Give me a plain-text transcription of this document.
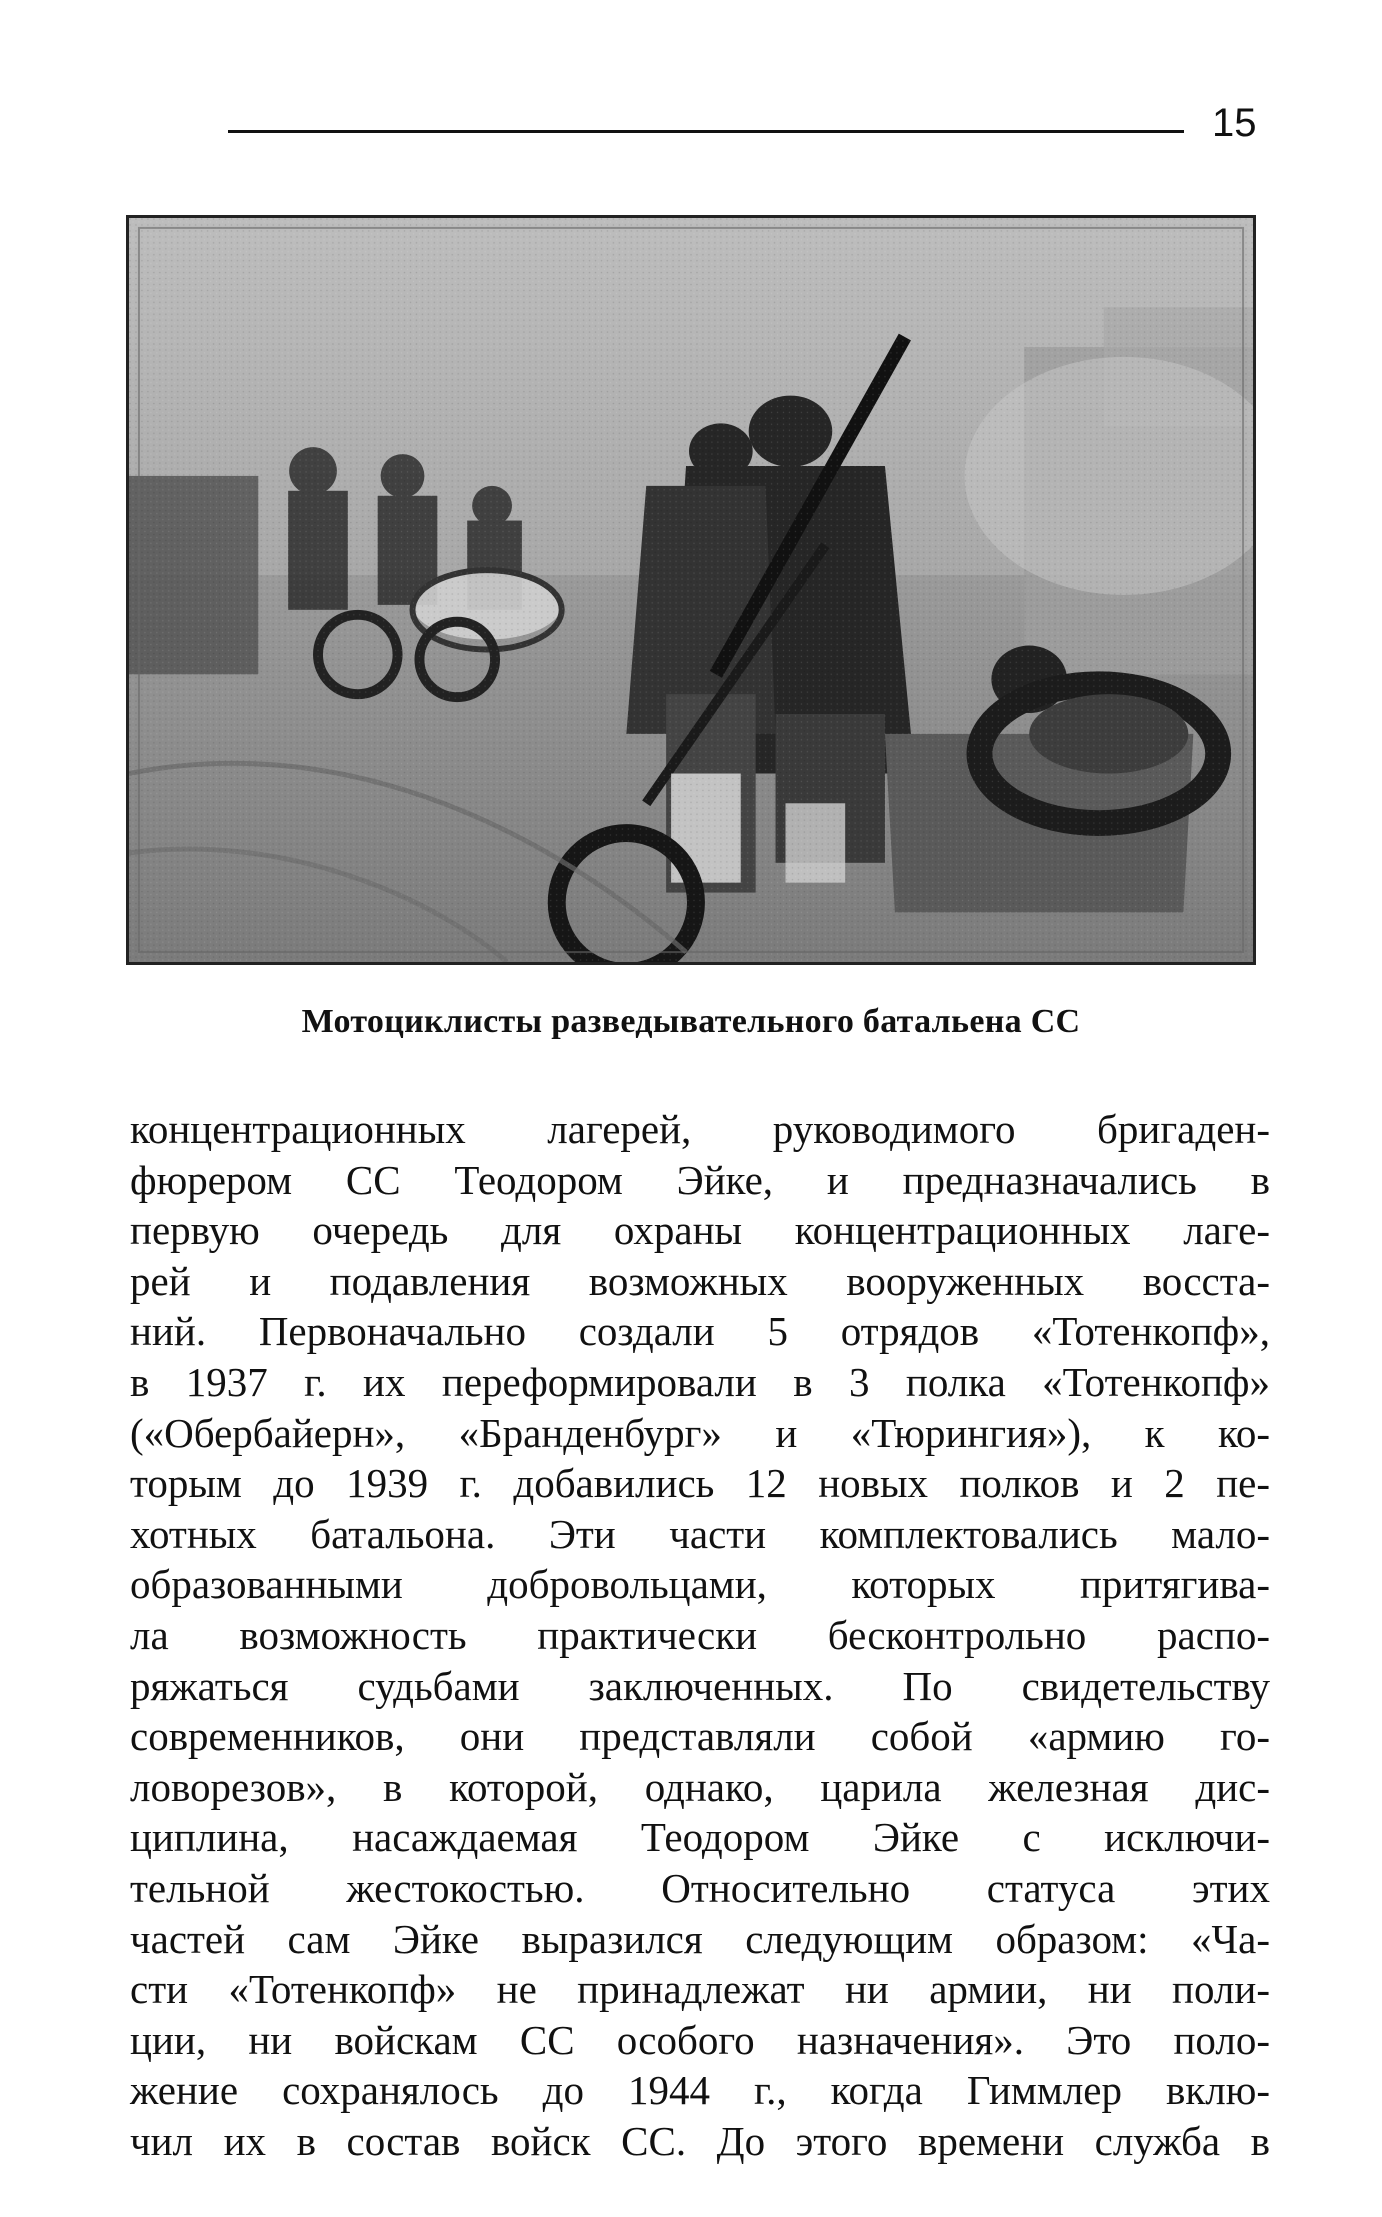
15
Мотоциклисты разведывательного батальена СС
концентрационных лагерей, руководимого бригаден-
фюрером СС Теодором Эйке, и предназначались в
первую очередь для охраны концентрационных лаге-
рей и подавления возможных вооруженных восста-
ний. Первоначально создали 5 отрядов «Тотенкопф»,
в 1937 г. их переформировали в 3 полка «Тотенкопф»
(«Обербайерн», «Бранденбург» и «Тюрингия»), к ко-
торым до 1939 г. добавились 12 новых полков и 2 пе-
хотных батальона. Эти части комплектовались мало-
образованными добровольцами, которых притягива-
ла возможность практически бесконтрольно распо-
ряжаться судьбами заключенных. По свидетельству
современников, они представляли собой «армию го-
ловорезов», в которой, однако, царила железная дис-
циплина, насаждаемая Теодором Эйке с исключи-
тельной жестокостью. Относительно статуса этих
частей сам Эйке выразился следующим образом: «Ча-
сти «Тотенкопф» не принадлежат ни армии, ни поли-
ции, ни войскам СС особого назначения». Это поло-
жение сохранялось до 1944 г., когда Гиммлер вклю-
чил их в состав войск СС. До этого времени служба в
